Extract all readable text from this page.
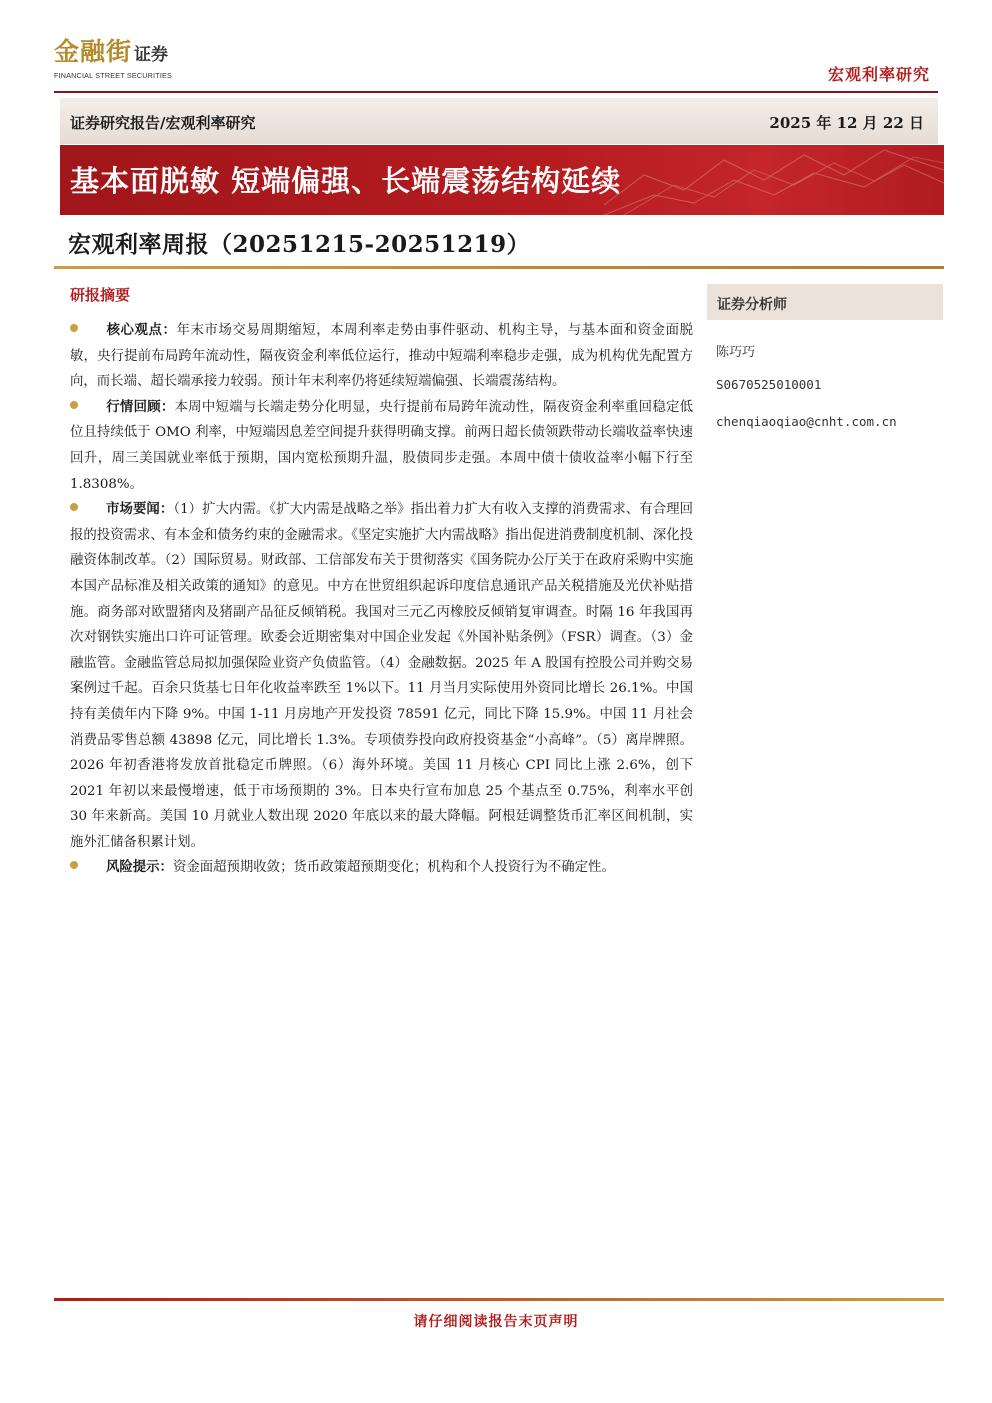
金融街 证券
FINANCIAL STREET SECURITIES	宏观利率研究
证券研究报告/宏观利率研究	2025 年 12 月 22 日
基本面脱敏 短端偏强、长端震荡结构延续
宏观利率周报（20251215-20251219）
研报摘要
核心观点：年末市场交易周期缩短，本周利率走势由事件驱动、机构主导，与基本面和资金面脱敏，央行提前布局跨年流动性，隔夜资金利率低位运行，推动中短端利率稳步走强，成为机构优先配置方向，而长端、超长端承接力较弱。预计年末利率仍将延续短端偏强、长端震荡结构。
行情回顾：本周中短端与长端走势分化明显，央行提前布局跨年流动性，隔夜资金利率重回稳定低位且持续低于 OMO 利率，中短端因息差空间提升获得明确支撑。前两日超长债领跌带动长端收益率快速回升，周三美国就业率低于预期，国内宽松预期升温，股债同步走强。本周中债十债收益率小幅下行至 1.8308%。
市场要闻：（1）扩大内需。《扩大内需是战略之举》指出着力扩大有收入支撑的消费需求、有合理回报的投资需求、有本金和债务约束的金融需求。《坚定实施扩大内需战略》指出促进消费制度机制、深化投融资体制改革。（2）国际贸易。财政部、工信部发布关于贯彻落实《国务院办公厅关于在政府采购中实施本国产品标准及相关政策的通知》的意见。中方在世贸组织起诉印度信息通讯产品关税措施及光伏补贴措施。商务部对欧盟猪肉及猪副产品征反倾销税。我国对三元乙丙橡胶反倾销复审调查。时隔 16 年我国再次对钢铁实施出口许可证管理。欧委会近期密集对中国企业发起《外国补贴条例》（FSR）调查。（3）金融监管。金融监管总局拟加强保险业资产负债监管。（4）金融数据。2025 年 A 股国有控股公司并购交易案例过千起。百余只货基七日年化收益率跌至 1%以下。11 月当月实际使用外资同比增长 26.1%。中国持有美债年内下降 9%。中国 1-11 月房地产开发投资 78591 亿元，同比下降 15.9%。中国 11 月社会消费品零售总额 43898 亿元，同比增长 1.3%。专项债券投向政府投资基金“小高峰”。（5）离岸牌照。2026 年初香港将发放首批稳定币牌照。（6）海外环境。美国 11 月核心 CPI 同比上涨 2.6%，创下 2021 年初以来最慢增速，低于市场预期的 3%。日本央行宣布加息 25 个基点至 0.75%，利率水平创 30 年来新高。美国 10 月就业人数出现 2020 年底以来的最大降幅。阿根廷调整货币汇率区间机制，实施外汇储备积累计划。
风险提示：资金面超预期收敛；货币政策超预期变化；机构和个人投资行为不确定性。
证券分析师
陈巧巧
S0670525010001
chenqiaoqiao@cnht.com.cn
请仔细阅读报告末页声明
